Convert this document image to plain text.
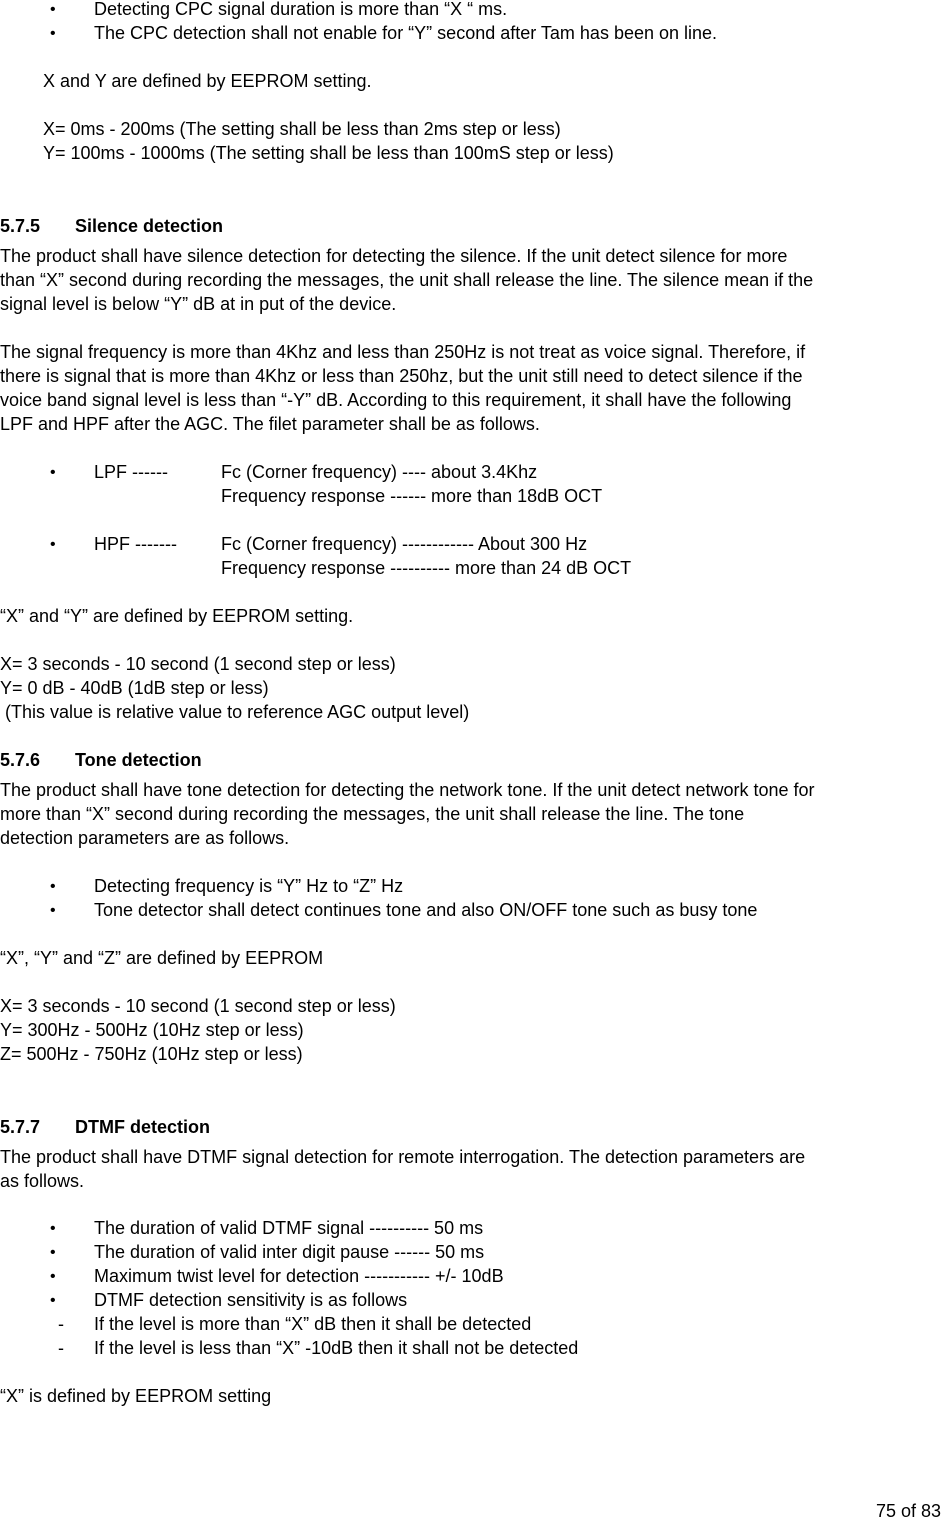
• Detecting CPC signal duration is more than “X “ ms.
• The CPC detection shall not enable for “Y” second after Tam has been on line.
X and Y are defined by EEPROM setting.
X= 0ms - 200ms (The setting shall be less than 2ms step or less)
Y= 100ms - 1000ms (The setting shall be less than 100mS step or less)
5.7.5 Silence detection
The product shall have silence detection for detecting the silence. If the unit detect silence for more
than “X” second during recording the messages, the unit shall release the line. The silence mean if the
signal level is below “Y” dB at in put of the device.
The signal frequency is more than 4Khz and less than 250Hz is not treat as voice signal. Therefore, if
there is signal that is more than 4Khz or less than 250hz, but the unit still need to detect silence if the
voice band signal level is less than “-Y” dB. According to this requirement, it shall have the following
LPF and HPF after the AGC. The filet parameter shall be as follows.
• LPF ------	Fc (Corner frequency) ---- about 3.4Khz
Frequency response ------ more than 18dB OCT
• HPF ------- Fc (Corner frequency) ------------ About 300 Hz
Frequency response ---------- more than 24 dB OCT
“X” and “Y” are defined by EEPROM setting.
X= 3 seconds - 10 second (1 second step or less)
Y= 0 dB - 40dB (1dB step or less)
(This value is relative value to reference AGC output level)
5.7.6 Tone detection
The product shall have tone detection for detecting the network tone. If the unit detect network tone for
more than “X” second during recording the messages, the unit shall release the line. The tone
detection parameters are as follows.
• Detecting frequency is “Y” Hz to “Z” Hz
• Tone detector shall detect continues tone and also ON/OFF tone such as busy tone
“X”, “Y” and “Z” are defined by EEPROM
X= 3 seconds - 10 second (1 second step or less)
Y= 300Hz - 500Hz (10Hz step or less)
Z= 500Hz - 750Hz (10Hz step or less)
5.7.7 DTMF detection
The product shall have DTMF signal detection for remote interrogation. The detection parameters are
as follows.
• The duration of valid DTMF signal ---------- 50 ms
• The duration of valid inter digit pause ------ 50 ms
• Maximum twist level for detection ----------- +/- 10dB
• DTMF detection sensitivity is as follows
- If the level is more than “X” dB then it shall be detected
- If the level is less than “X” -10dB then it shall not be detected
“X” is defined by EEPROM setting
75 of 83
